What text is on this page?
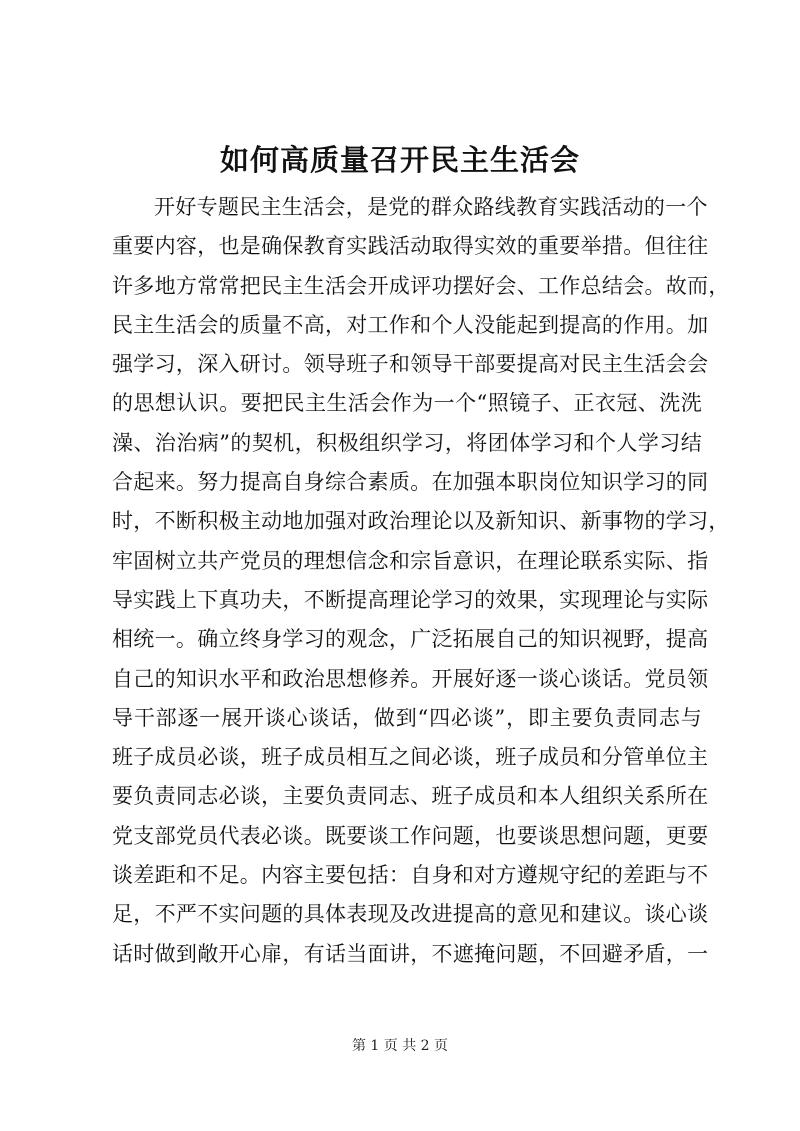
如何高质量召开民主生活会
开好专题民主生活会，是党的群众路线教育实践活动的一个
重要内容，也是确保教育实践活动取得实效的重要举措。但往往
许多地方常常把民主生活会开成评功摆好会、工作总结会。故而，
民主生活会的质量不高，对工作和个人没能起到提高的作用。加
强学习，深入研讨。领导班子和领导干部要提高对民主生活会会
的思想认识。要把民主生活会作为一个“照镜子、正衣冠、洗洗
澡、治治病”的契机，积极组织学习，将团体学习和个人学习结
合起来。努力提高自身综合素质。在加强本职岗位知识学习的同
时，不断积极主动地加强对政治理论以及新知识、新事物的学习，
牢固树立共产党员的理想信念和宗旨意识，在理论联系实际、指
导实践上下真功夫，不断提高理论学习的效果，实现理论与实际
相统一。确立终身学习的观念，广泛拓展自己的知识视野，提高
自己的知识水平和政治思想修养。开展好逐一谈心谈话。党员领
导干部逐一展开谈心谈话，做到“四必谈”，即主要负责同志与
班子成员必谈，班子成员相互之间必谈，班子成员和分管单位主
要负责同志必谈，主要负责同志、班子成员和本人组织关系所在
党支部党员代表必谈。既要谈工作问题，也要谈思想问题，更要
谈差距和不足。内容主要包括：自身和对方遵规守纪的差距与不
足，不严不实问题的具体表现及改进提高的意见和建议。谈心谈
话时做到敞开心扉，有话当面讲，不遮掩问题，不回避矛盾，一
第 1 页 共 2 页
